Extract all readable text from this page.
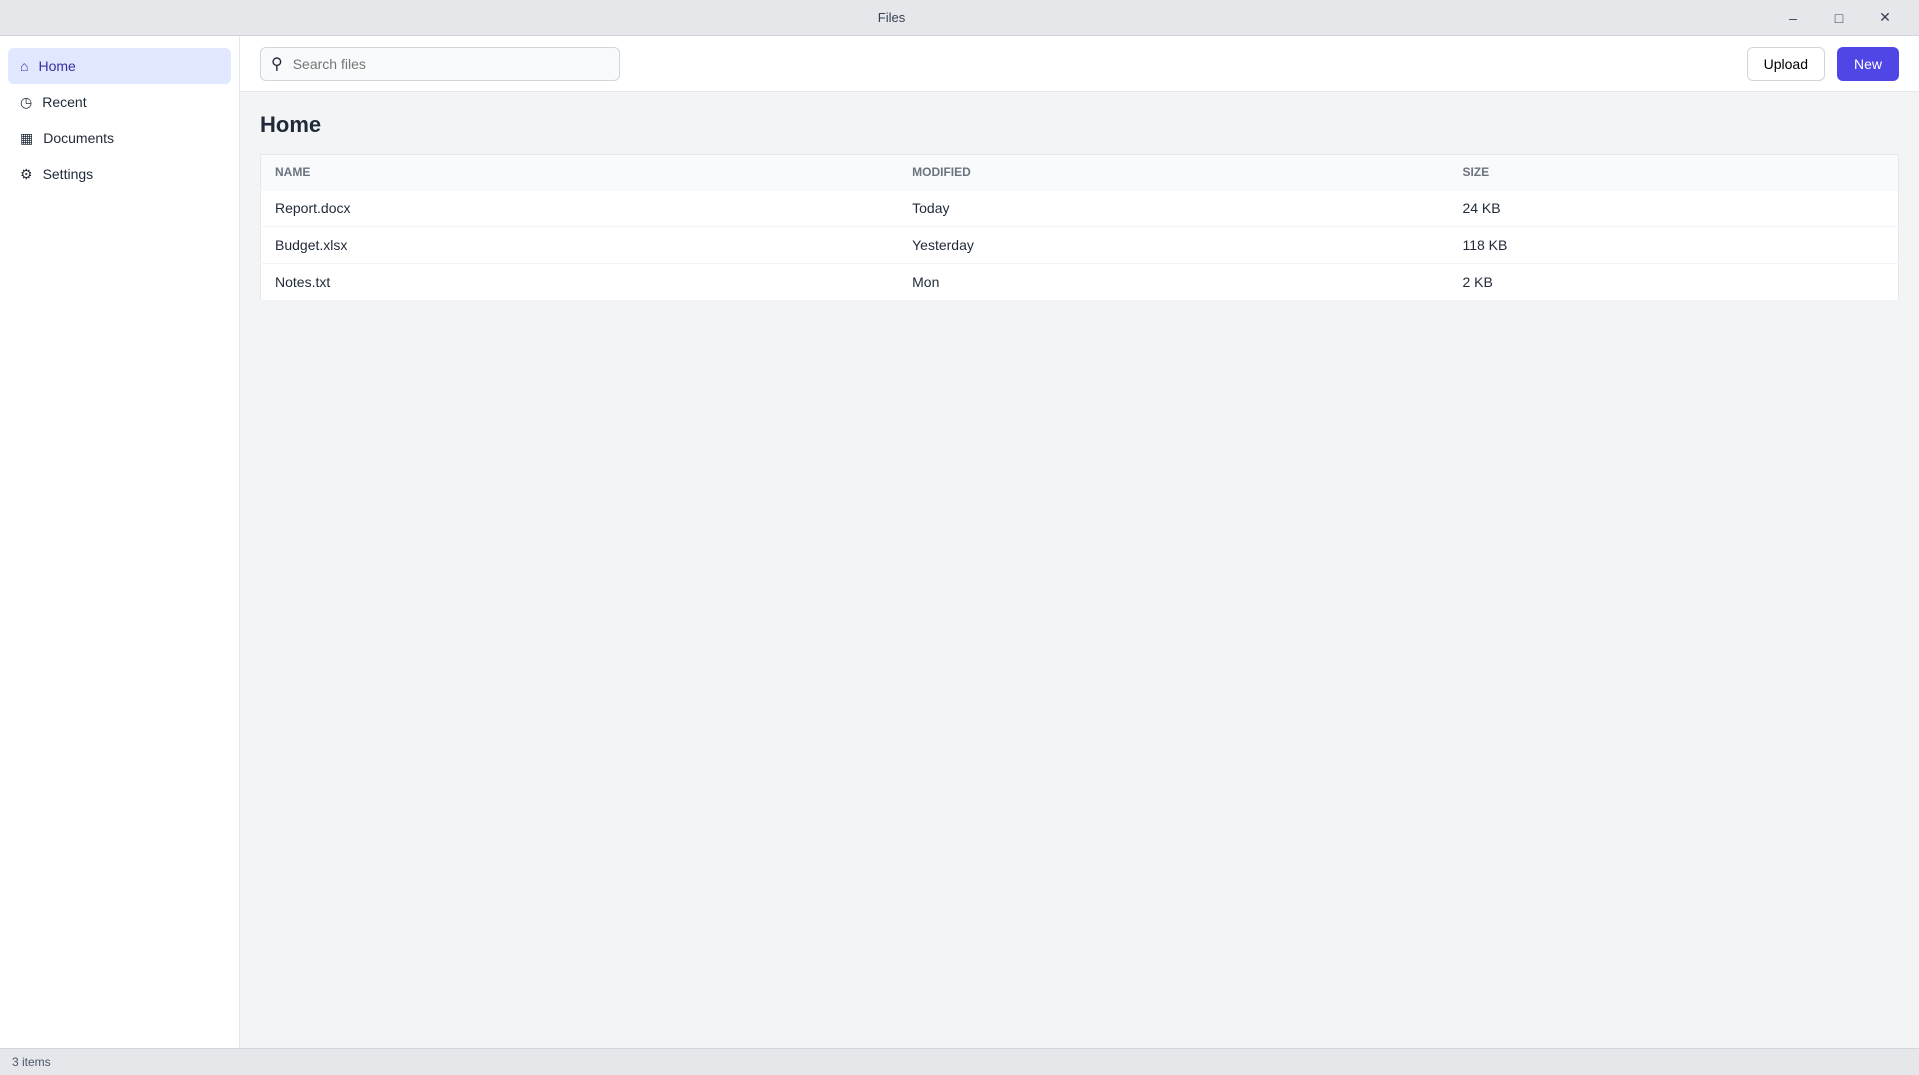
Files	–	□	✕
⌂ Home
◷ Recent
▦ Documents
⚙ Settings
⚲
Search files	Upload	New
Home
NAME	MODIFIED	SIZE
Report.docx	Today	24 KB
Budget.xlsx	Yesterday	118 KB
Notes.txt	Mon	2 KB
3 items
